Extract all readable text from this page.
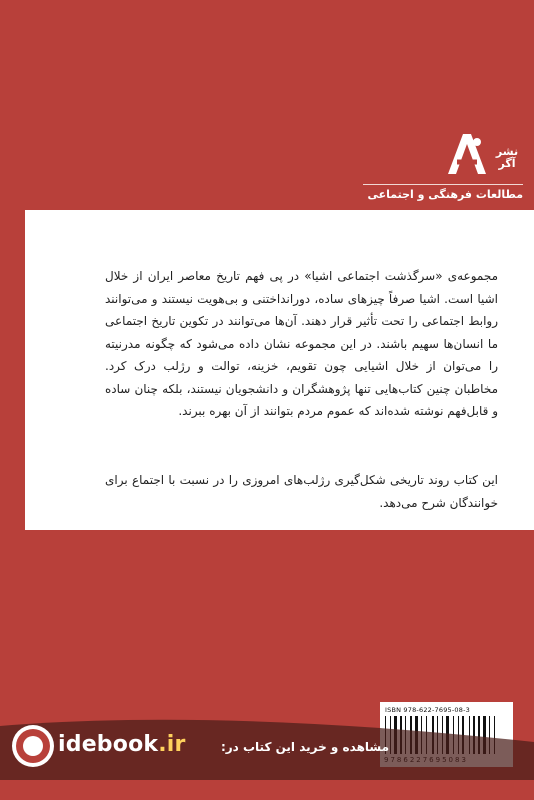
نشر آگر
مطالعات فرهنگی و اجتماعی

مجموعه‌ی «سرگذشت اجتماعی اشیا» در پی فهم تاریخ معاصر ایران از خلال اشیا است. اشیا صرفاً چیزهای ساده، دورانداختنی و بی‌هویت نیستند و می‌توانند روابط اجتماعی را تحت تأثیر قرار دهند. آن‌ها می‌توانند در تکوین تاریخ اجتماعی ما انسان‌ها سهیم باشند. در این مجموعه نشان داده می‌شود که چگونه مدرنیته را می‌توان از خلال اشیایی چون تقویم، خزینه، توالت و رژلب درک کرد. مخاطبان چنین کتاب‌هایی تنها پژوهشگران و دانشجویان نیستند، بلکه چنان ساده و قابل‌فهم نوشته شده‌اند که عموم مردم بتوانند از آن بهره ببرند.

این کتاب روند تاریخی شکل‌گیری رژلب‌های امروزی را در نسبت با اجتماع برای خوانندگان شرح می‌دهد.

ISBN 978-622-7695-08-3
idebook.ir	مشاهده و خرید این کتاب در:
